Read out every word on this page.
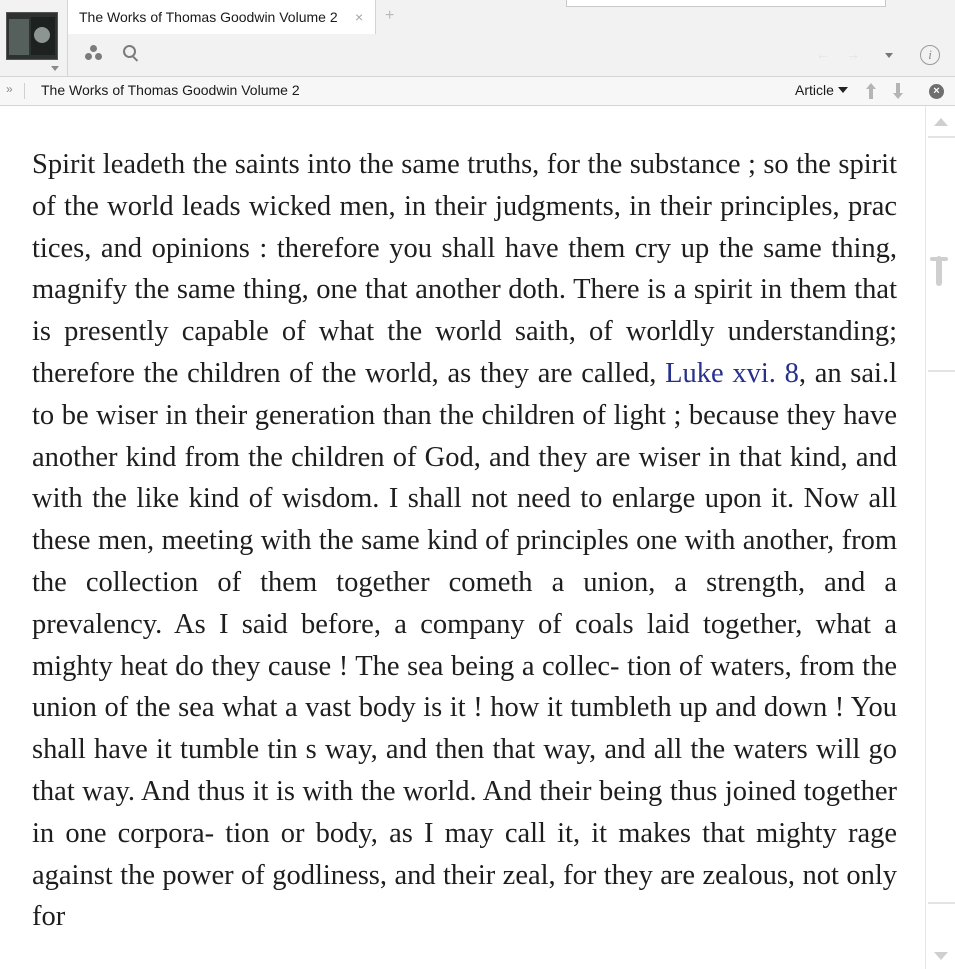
The Works of Thomas Goodwin Volume 2 × +
← →	i
» The Works of Thomas Goodwin Volume 2	Article	×

Spirit leadeth the saints into the same truths, for the substance ; so the spirit of the world leads wicked men, in their judgments, in their principles, prac tices, and opinions : therefore you shall have them cry up the same thing, magnify the same thing, one that another doth. There is a spirit in them that is presently capable of what the world saith, of worldly understanding; therefore the children of the world, as they are called, Luke xvi. 8, an sai.l to be wiser in their generation than the children of light ; because they have another kind from the children of God, and they are wiser in that kind, and with the like kind of wisdom. I shall not need to enlarge upon it. Now all these men, meeting with the same kind of principles one with another, from the collection of them together cometh a union, a strength, and a prevalency. As I said before, a company of coals laid together, what a mighty heat do they cause ! The sea being a collec- tion of waters, from the union of the sea what a vast body is it ! how it tumbleth up and down ! You shall have it tumble tin s way, and then that way, and all the waters will go that way. And thus it is with the world. And their being thus joined together in one corpora- tion or body, as I may call it, it makes that mighty rage against the power of godliness, and their zeal, for they are zealous, not only for
